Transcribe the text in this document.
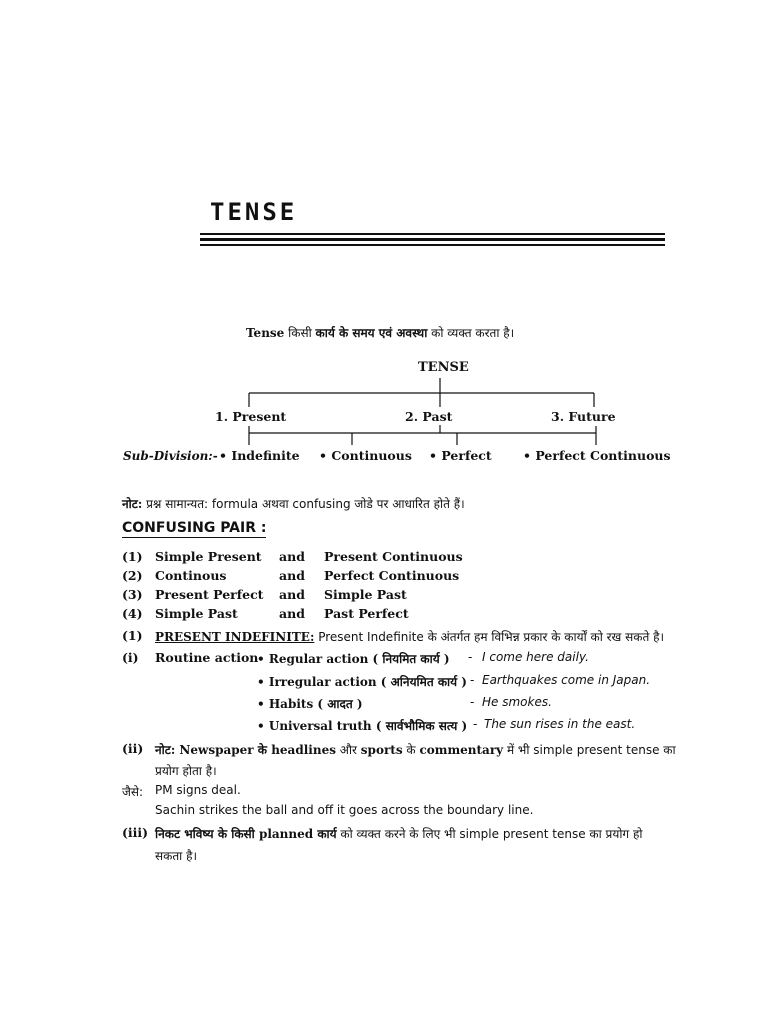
TENSE
Tense किसी कार्य के समय एवं अवस्था को व्यक्त करता है।
TENSE
1. Present	2. Past	3. Future
Sub-Division:- • Indefinite • Continuous • Perfect	• Perfect Continuous
नोट: प्रश्न सामान्यत: formula अथवा confusing जोडे पर आधारित होते हैं।
CONFUSING PAIR :
(1) Simple Present and Present Continuous
(2) Continous	and Perfect Continuous
(3) Present Perfect and Simple Past
(4) Simple Past	and Past Perfect
(1) PRESENT INDEFINITE: Present Indefinite के अंतर्गत हम विभिन्न प्रकार के कार्यों को रख सकते है।
(i) Routine action
• Regular action ( नियमित कार्य ) - I come here daily.
• Irregular action ( अनियमित कार्य ) - Earthquakes come in Japan.
• Habits ( आदत )	- He smokes.
• Universal truth ( सार्वभौमिक सत्य ) - The sun rises in the east.
(ii) नोट: Newspaper के headlines और sports के commentary में भी simple present tense का
प्रयोग होता है।
जैसे: PM signs deal.
Sachin strikes the ball and off it goes across the boundary line.
(iii) निकट भविष्य के किसी planned कार्य को व्यक्त करने के लिए भी simple present tense का प्रयोग हो
सकता है।
